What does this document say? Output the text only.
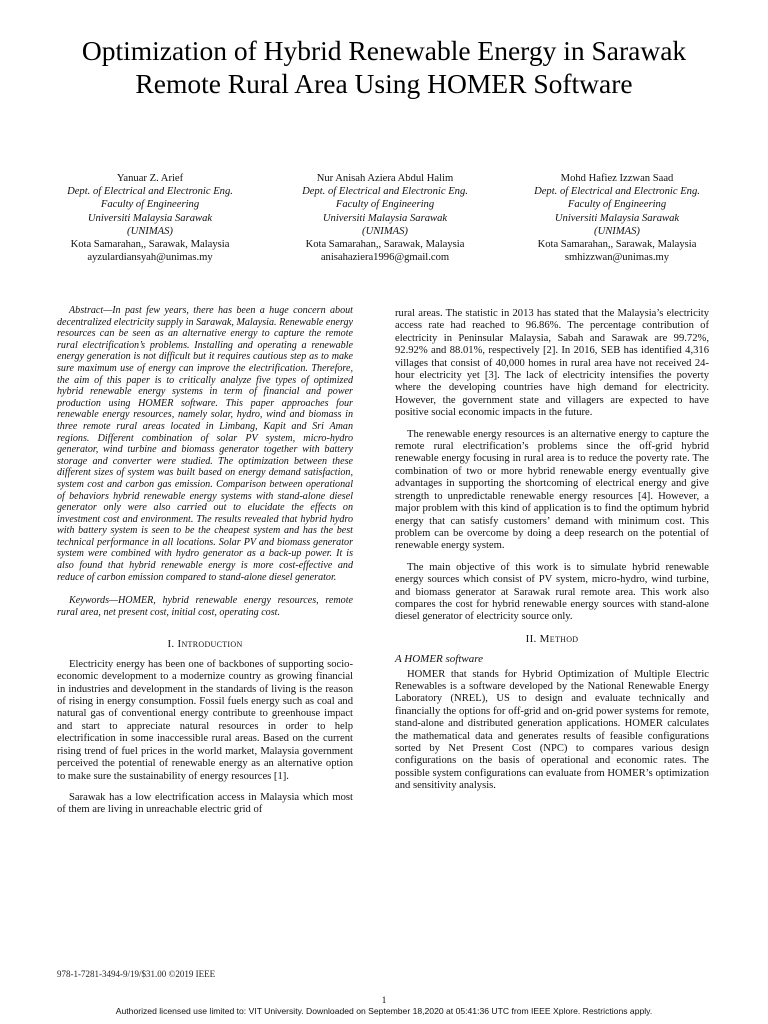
Optimization of Hybrid Renewable Energy in Sarawak Remote Rural Area Using HOMER Software
Yanuar Z. Arief
Dept. of Electrical and Electronic Eng.
Faculty of Engineering
Universiti Malaysia Sarawak
(UNIMAS)
Kota Samarahan,, Sarawak, Malaysia
ayzulardiansyah@unimas.my
Nur Anisah Aziera Abdul Halim
Dept. of Electrical and Electronic Eng.
Faculty of Engineering
Universiti Malaysia Sarawak
(UNIMAS)
Kota Samarahan,, Sarawak, Malaysia
anisahaziera1996@gmail.com
Mohd Hafiez Izzwan Saad
Dept. of Electrical and Electronic Eng.
Faculty of Engineering
Universiti Malaysia Sarawak
(UNIMAS)
Kota Samarahan,, Sarawak, Malaysia
smhizzwan@unimas.my

Abstract—In past few years, there has been a huge concern about decentralized electricity supply in Sarawak, Malaysia. Renewable energy resources can be seen as an alternative energy to capture the remote rural electrification’s problems. Installing and operating a renewable energy generation is not difficult but it requires cautious step as to make sure maximum use of energy can improve the electrification. Therefore, the aim of this paper is to critically analyze five types of optimized hybrid renewable energy systems in term of financial and power production using HOMER software. This paper approaches four renewable energy resources, namely solar, hydro, wind and biomass in three remote rural areas located in Limbang, Kapit and Sri Aman regions. Different combination of solar PV system, micro-hydro generator, wind turbine and biomass generator together with battery storage and converter were studied. The optimization between these different sizes of system was built based on energy demand satisfaction, system cost and carbon gas emission. Comparison between operational of behaviors hybrid renewable energy systems with stand-alone diesel generator only were also carried out to elucidate the effects on investment cost and environment. The results revealed that hybrid hydro with battery system is seen to be the cheapest system and has the best technical performance in all locations. Solar PV and biomass generator system were combined with hydro generator as a back-up power. It is also found that hybrid renewable energy is more cost-effective and reduce of carbon emission compared to stand-alone diesel generator.

Keywords—HOMER, hybrid renewable energy resources, remote rural area, net present cost, initial cost, operating cost.

I. Introduction

Electricity energy has been one of backbones of supporting socio-economic development to a modernize country as growing financial in industries and development in the standards of living is the reason of rising in energy consumption. Fossil fuels energy such as coal and natural gas of conventional energy contribute to greenhouse impact and start to appreciate natural resources in order to help electrification in some inaccessible rural areas. Based on the current rising trend of fuel prices in the world market, Malaysia government perceived the potential of renewable energy as an alternative option to make sure the sustainability of energy resources [1].

Sarawak has a low electrification access in Malaysia which most of them are living in unreachable electric grid of

rural areas. The statistic in 2013 has stated that the Malaysia’s electricity access rate had reached to 96.86%. The percentage contribution of electricity in Peninsular Malaysia, Sabah and Sarawak are 99.72%, 92.92% and 88.01%, respectively [2]. In 2016, SEB has identified 4,316 villages that consist of 40,000 homes in rural area have not received 24-hour electricity yet [3]. The lack of electricity intensifies the poverty where the developing countries have high demand for electricity. However, the government state and villagers are expected to have positive social economic impacts in the future.

The renewable energy resources is an alternative energy to capture the remote rural electrification’s problems since the off-grid hybrid renewable energy focusing in rural area is to reduce the poverty rate. The combination of two or more hybrid renewable energy eventually give advantages in supporting the shortcoming of electrical energy and give strength to unpredictable renewable energy resources [4]. However, a major problem with this kind of application is to find the optimum hybrid energy that can satisfy customers’ demand with minimum cost. This problem can be overcome by doing a deep research on the potential of renewable energy system.

The main objective of this work is to simulate hybrid renewable energy sources which consist of PV system, micro-hydro, wind turbine, and biomass generator at Sarawak rural remote area. This work also compares the cost for hybrid renewable energy sources with stand-alone diesel generator of electricity source only.

II. Method
A HOMER software

HOMER that stands for Hybrid Optimization of Multiple Electric Renewables is a software developed by the National Renewable Energy Laboratory (NREL), US to design and evaluate technically and financially the options for off-grid and on-grid power systems for remote, stand-alone and distributed generation applications. HOMER calculates the mathematical data and generates results of feasible configurations sorted by Net Present Cost (NPC) to compares various design configurations on the basis of operational and economic rates. The possible system configurations can evaluate from HOMER’s optimization and sensitivity analysis.

978-1-7281-3494-9/19/$31.00 ©2019 IEEE
1
Authorized licensed use limited to: VIT University. Downloaded on September 18,2020 at 05:41:36 UTC from IEEE Xplore. Restrictions apply.
